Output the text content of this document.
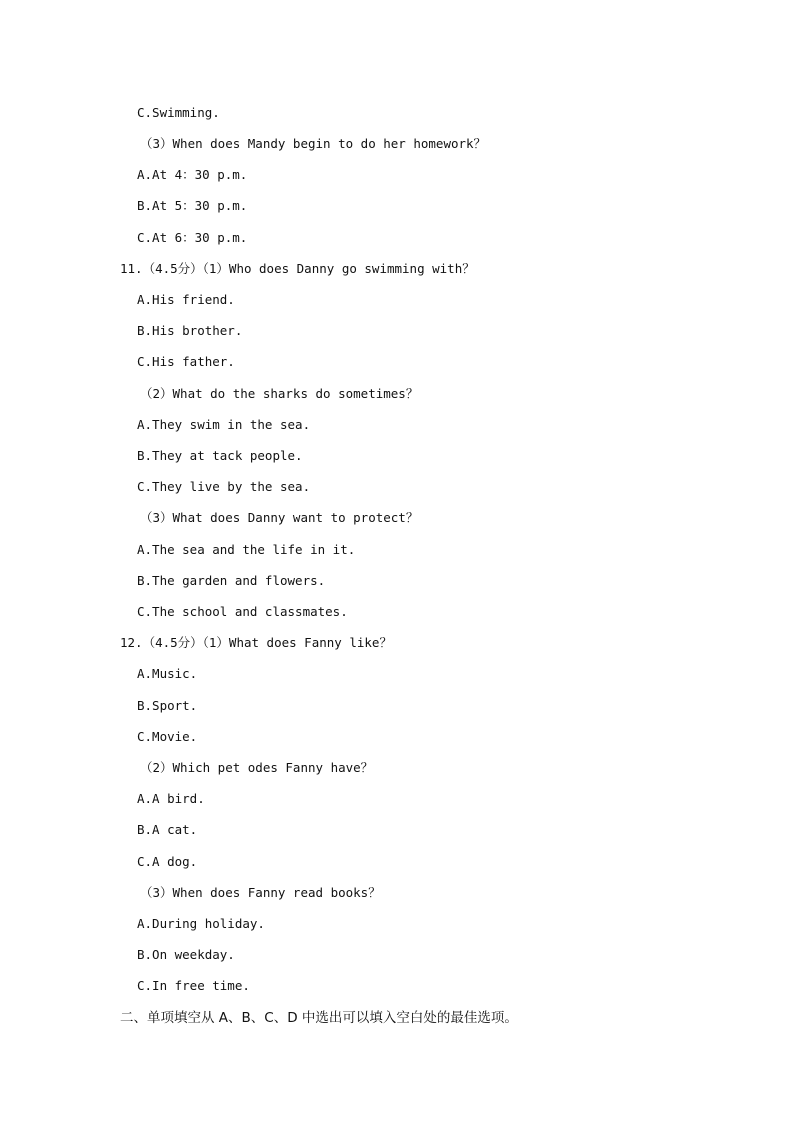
C.Swimming.
（3）When does Mandy begin to do her homework？
A.At 4：30 p.m.
B.At 5：30 p.m.
C.At 6：30 p.m.
11.（4.5分）（1）Who does Danny go swimming with？
A.His friend.
B.His brother.
C.His father.
（2）What do the sharks do sometimes？
A.They swim in the sea.
B.They at tack people.
C.They live by the sea.
（3）What does Danny want to protect？
A.The sea and the life in it.
B.The garden and flowers.
C.The school and classmates.
12.（4.5分）（1）What does Fanny like？
A.Music.
B.Sport.
C.Movie.
（2）Which pet odes Fanny have？
A.A bird.
B.A cat.
C.A dog.
（3）When does Fanny read books？
A.During holiday.
B.On weekday.
C.In free time.
二、单项填空从 A、B、C、D 中选出可以填入空白处的最佳选项。
